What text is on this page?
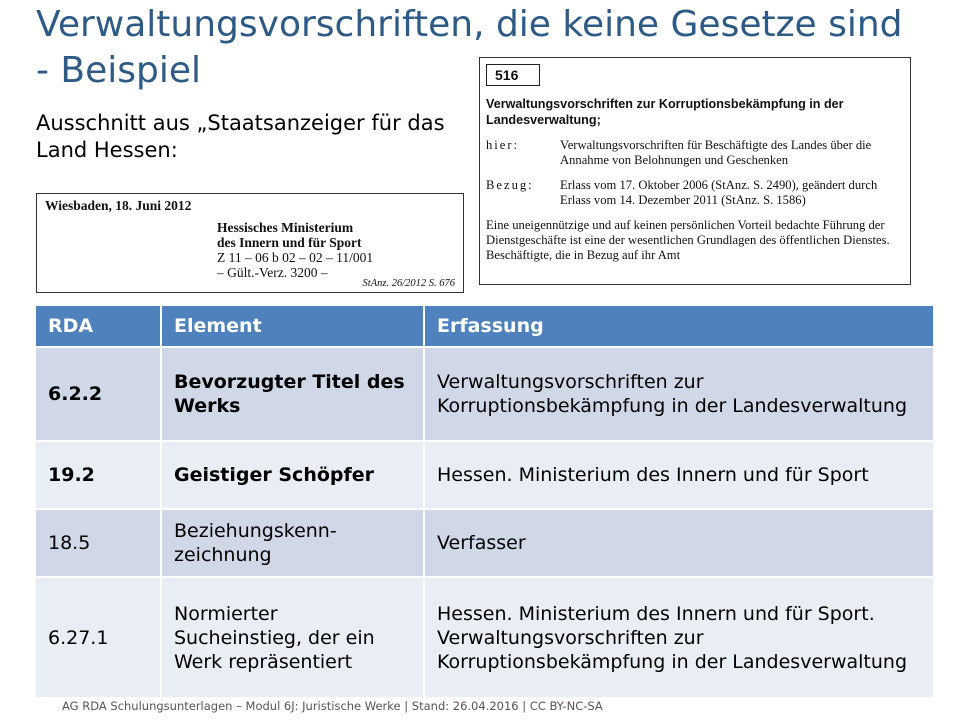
Verwaltungsvorschriften, die keine Gesetze sind - Beispiel
Ausschnitt aus „Staatsanzeiger für das Land Hessen:
Wiesbaden, 18. Juni 2012
Hessisches Ministerium
des Innern und für Sport
Z 11 – 06 b 02 – 02 – 11/001
– Gült.-Verz. 3200 –
StAnz. 26/2012 S. 676
516
Verwaltungsvorschriften zur Korruptionsbekämpfung in der Landesverwaltung;
hier:	Verwaltungsvorschriften für Beschäftigte des Landes über die Annahme von Belohnungen und Geschenken
Bezug:	Erlass vom 17. Oktober 2006 (StAnz. S. 2490), geändert durch Erlass vom 14. Dezember 2011 (StAnz. S. 1586)
Eine uneigennützige und auf keinen persönlichen Vorteil bedachte Führung der Dienstgeschäfte ist eine der wesentlichen Grundlagen des öffentlichen Dienstes. Beschäftigte, die in Bezug auf ihr Amt
RDA	Element	Erfassung
6.2.2	Bevorzugter Titel des Werks	Verwaltungsvorschriften zur Korruptionsbekämpfung in der Landesverwaltung
19.2	Geistiger Schöpfer	Hessen. Ministerium des Innern und für Sport
18.5	Beziehungskenn-zeichnung	Verfasser
6.27.1	Normierter Sucheinstieg, der ein Werk repräsentiert	Hessen. Ministerium des Innern und für Sport. Verwaltungsvorschriften zur Korruptionsbekämpfung in der Landesverwaltung
AG RDA Schulungsunterlagen – Modul 6J: Juristische Werke | Stand: 26.04.2016 | CC BY-NC-SA
